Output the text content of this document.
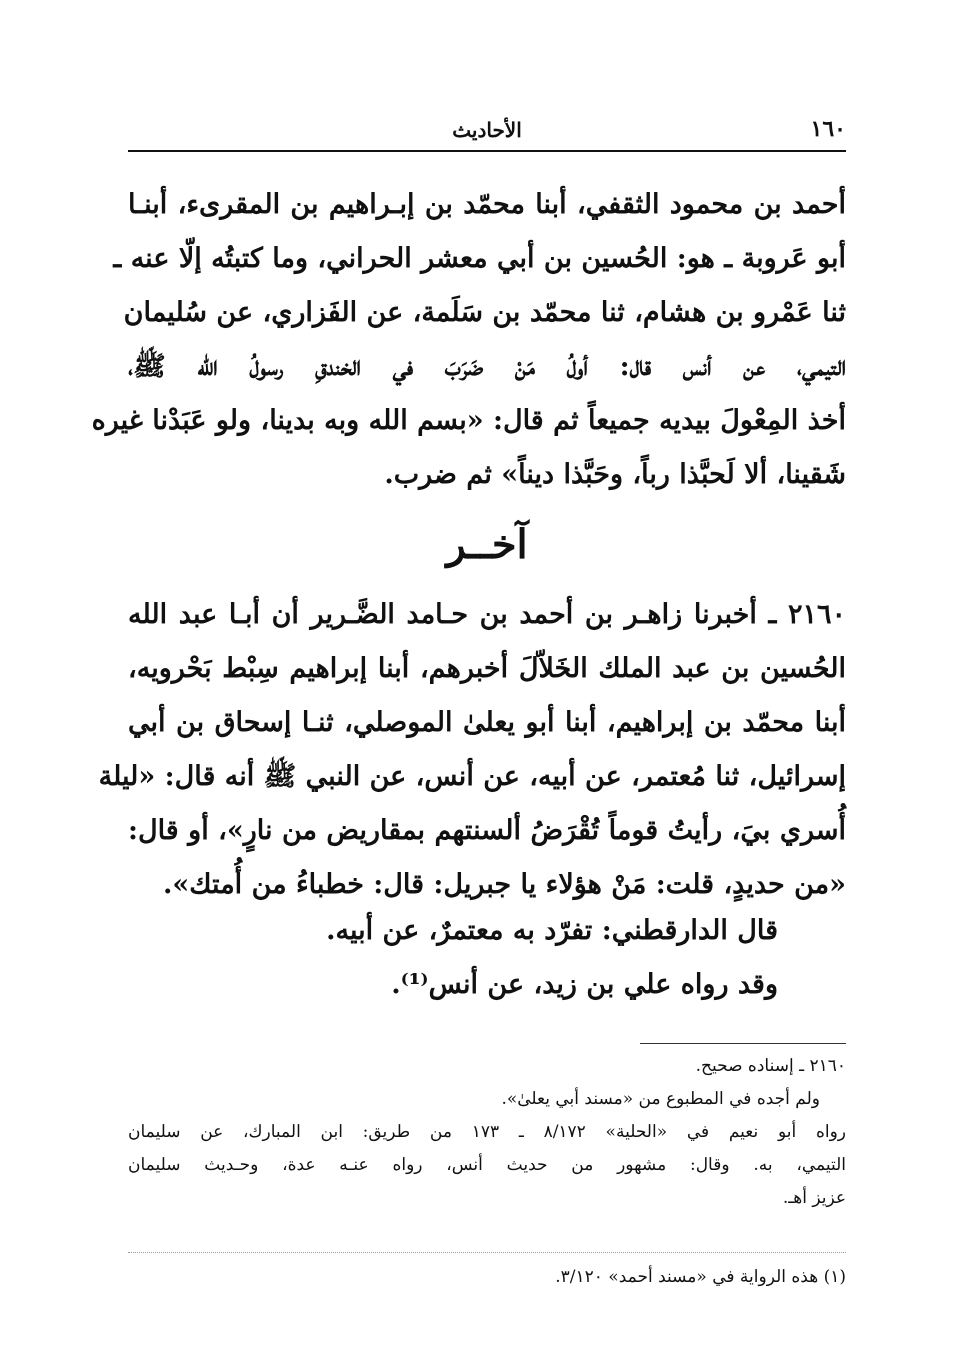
١٦٠
الأحاديث
أحمد بن محمود الثقفي، أبنا محمّد بن إبـراهيم بن المقرىء، أبنـا
أبو عَروبة ـ هو: الحُسين بن أبي معشر الحراني، وما كتبتُه إلّا عنه ـ
ثنا عَمْرو بن هشام، ثنا محمّد بن سَلَمة، عن الفَزاري، عن سُليمان
التيمي، عن أنس قال: أولُ مَنْ ضَرَبَ في الخندقِ رسولُ الله ﷺ،
أخذ المِعْولَ بيديه جميعاً ثم قال: «بسم الله وبه بدينا، ولو عَبَدْنا غيره
شَقينا، ألا لَحبَّذا رباً، وحَبَّذا ديناً» ثم ضرب.
آخــر
٢١٦٠ ـ أخبرنا زاهـر بن أحمد بن حـامد الضَّـرير أن أبـا عبد الله
الحُسين بن عبد الملك الخَلاّلَ أخبرهم، أبنا إبراهيم سِبْط بَحْرويه،
أبنا محمّد بن إبراهيم، أبنا أبو يعلىٰ الموصلي، ثنـا إسحاق بن أبي
إسرائيل، ثنا مُعتمر، عن أبيه، عن أنس، عن النبي ﷺ أنه قال: «ليلة
أُسري بيَ، رأيتُ قوماً تُقْرَضُ ألسنتهم بمقاريض من نارٍ»، أو قال:
«من حديدٍ، قلت: مَنْ هؤلاء يا جبريل: قال: خطباءُ من أُمتك».
قال الدارقطني: تفرّد به معتمرٌ، عن أبيه.
وقد رواه علي بن زيد، عن أنس⁽¹⁾.
٢١٦٠ ـ إسناده صحيح.
ولم أجده في المطبوع من «مسند أبي يعلىٰ».
رواه أبو نعيم في «الحلية» ٨/١٧٢ ـ ١٧٣ من طريق: ابن المبارك، عن سليمان
التيمي، به. وقال: مشهور من حديث أنس، رواه عنـه عدة، وحـديث سليمان
عزيز أهـ.
(١) هذه الرواية في «مسند أحمد» ٣/١٢٠.
